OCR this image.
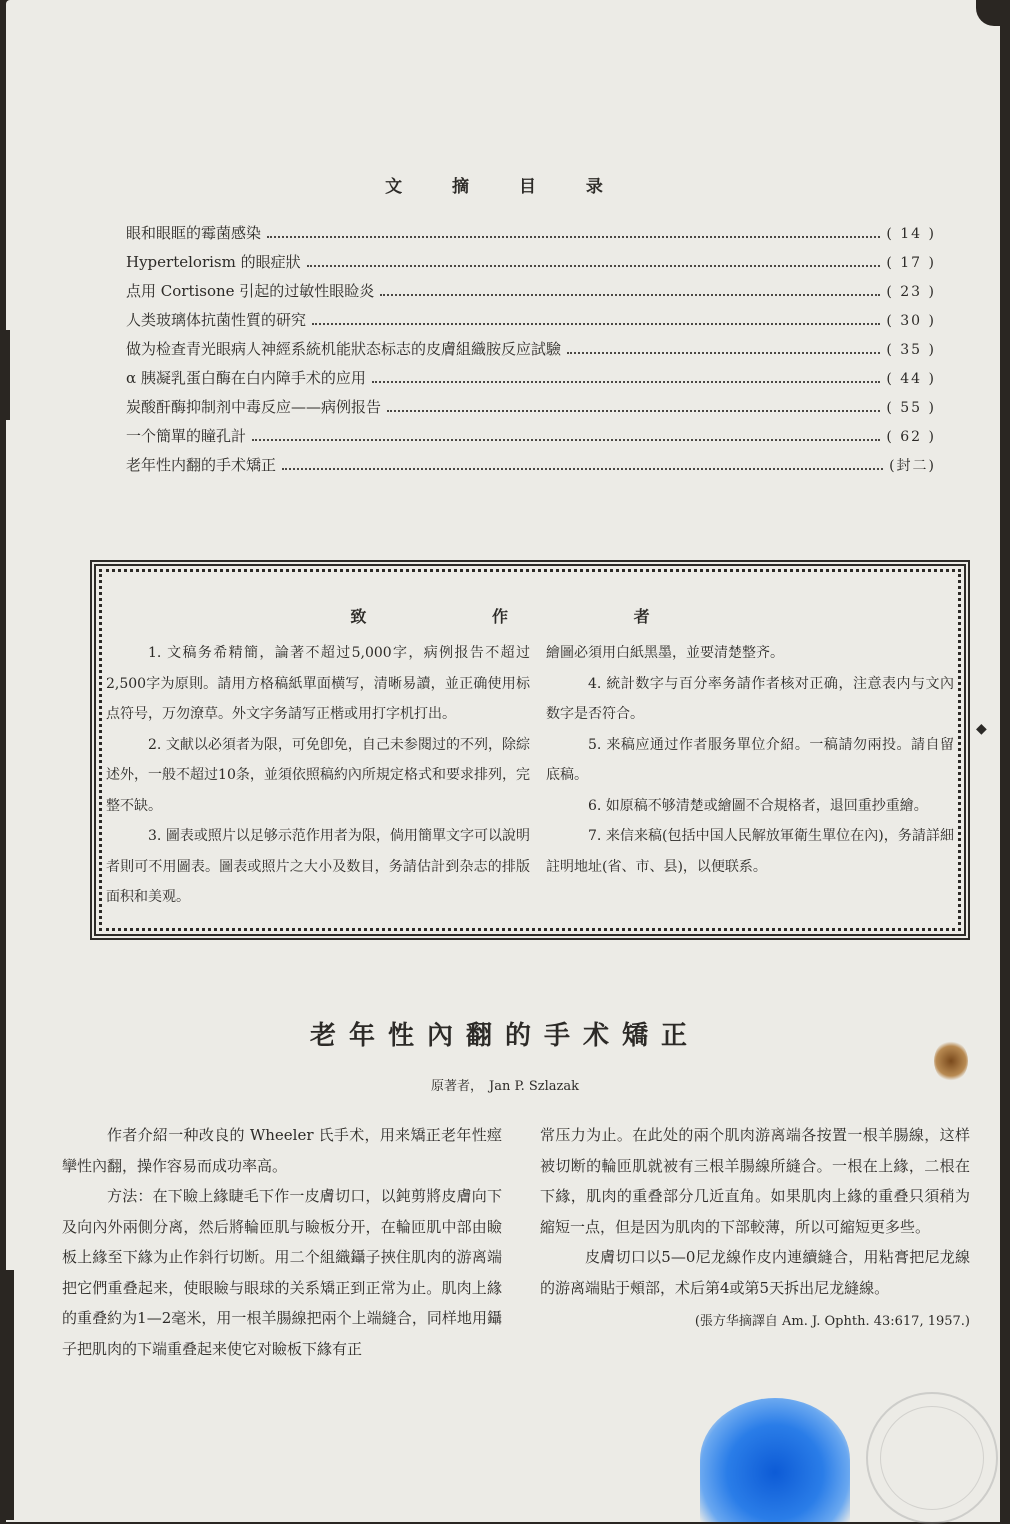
文 摘 目 录
眼和眼眶的霉菌感染	( 14 )
Hypertelorism 的眼症狀	( 17 )
点用 Cortisone 引起的过敏性眼睑炎	( 23 )
人类玻璃体抗菌性質的研究	( 30 )
做为检查青光眼病人神經系統机能狀态标志的皮膚組織胺反应試驗	( 35 )
α 胰凝乳蛋白酶在白内障手术的应用	( 44 )
炭酸酐酶抑制剂中毒反应——病例报告	( 55 )
一个簡單的瞳孔計	( 62 )
老年性内翻的手术矯正	(封二)
致 作 者

1. 文稿务希精簡，論著不超过5,000字，病例报告不超过2,500字为原則。請用方格稿紙單面横写，清晰易讀，並正确使用标点符号，万勿潦草。外文字务請写正楷或用打字机打出。

2. 文献以必須者为限，可免卽免，自己未参閱过的不列，除綜述外，一般不超过10条，並須依照稿約內所規定格式和要求排列，完整不缺。

3. 圖表或照片以足够示范作用者为限，倘用簡單文字可以說明者則可不用圖表。圖表或照片之大小及数目，务請估計到杂志的排版面积和美观。

繪圖必須用白紙黑墨，並要清楚整齐。

4. 統計数字与百分率务請作者核对正确，注意表内与文內数字是否符合。

5. 来稿应通过作者服务單位介紹。一稿請勿兩投。請自留底稿。

6. 如原稿不够清楚或繪圖不合規格者，退回重抄重繪。

7. 来信来稿(包括中国人民解放軍衛生單位在內)，务請詳細註明地址(省、市、县)，以便联系。

◆
老年性內翻的手术矯正
原著者， Jan P. Szlazak

作者介紹一种改良的 Wheeler 氏手术，用来矯正老年性痙攣性內翻，操作容易而成功率高。

方法：在下瞼上緣睫毛下作一皮膚切口，以鈍剪將皮膚向下及向內外兩側分离，然后將輪匝肌与瞼板分开，在輪匝肌中部由瞼板上緣至下緣为止作斜行切断。用二个組織鑷子挾住肌肉的游离端把它們重叠起来，使眼瞼与眼球的关系矯正到正常为止。肌肉上緣的重叠約为1—2毫米，用一根羊腸線把兩个上端縫合，同样地用鑷子把肌肉的下端重叠起来使它对瞼板下緣有正

常压力为止。在此处的兩个肌肉游离端各按置一根羊腸線，这样被切断的輪匝肌就被有三根羊腸線所縫合。一根在上緣，二根在下緣，肌肉的重叠部分几近直角。如果肌肉上緣的重叠只須稍为縮短一点，但是因为肌肉的下部較薄，所以可縮短更多些。

皮膚切口以5—0尼龙線作皮内連續縫合，用粘膏把尼龙線的游离端貼于頰部，术后第4或第5天拆出尼龙縫線。

(張方华摘譯自 Am. J. Ophth. 43:617, 1957.)
